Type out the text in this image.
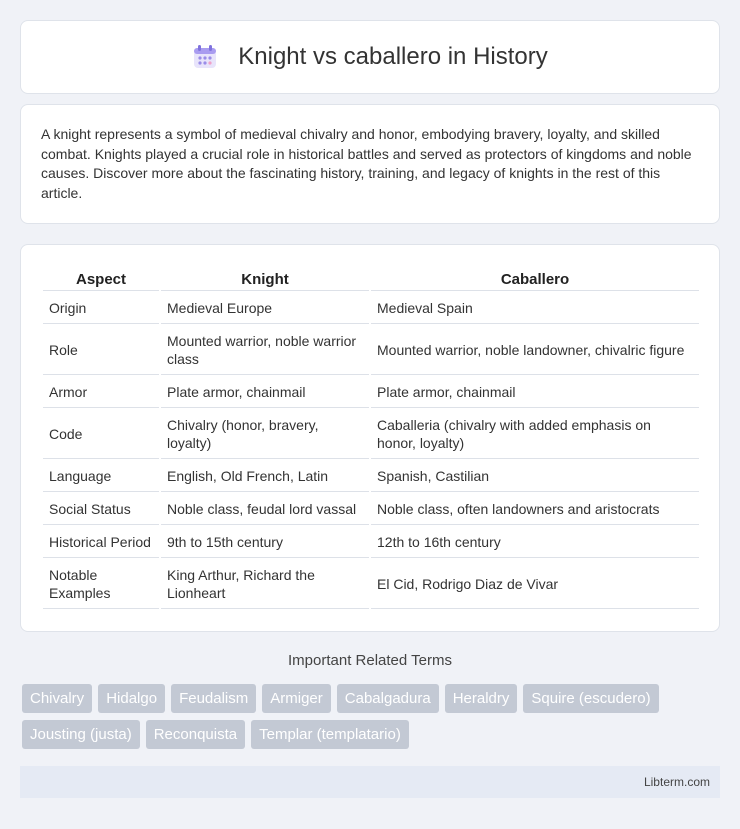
Knight vs caballero in History

A knight represents a symbol of medieval chivalry and honor, embodying bravery, loyalty, and skilled combat. Knights played a crucial role in historical battles and served as protectors of kingdoms and noble causes. Discover more about the fascinating history, training, and legacy of knights in the rest of this article.

Aspect	Knight	Caballero
Origin	Medieval Europe	Medieval Spain
Role	Mounted warrior, noble warrior class	Mounted warrior, noble landowner, chivalric figure
Armor	Plate armor, chainmail	Plate armor, chainmail
Code	Chivalry (honor, bravery, loyalty)	Caballeria (chivalry with added emphasis on honor, loyalty)
Language	English, Old French, Latin	Spanish, Castilian
Social Status	Noble class, feudal lord vassal	Noble class, often landowners and aristocrats
Historical Period	9th to 15th century	12th to 16th century
Notable Examples	King Arthur, Richard the Lionheart	El Cid, Rodrigo Diaz de Vivar
Important Related Terms
Chivalry	Hidalgo	Feudalism	Armiger	Cabalgadura	Heraldry	Squire (escudero)
Jousting (justa)	Reconquista	Templar (templatario)
Libterm.com
